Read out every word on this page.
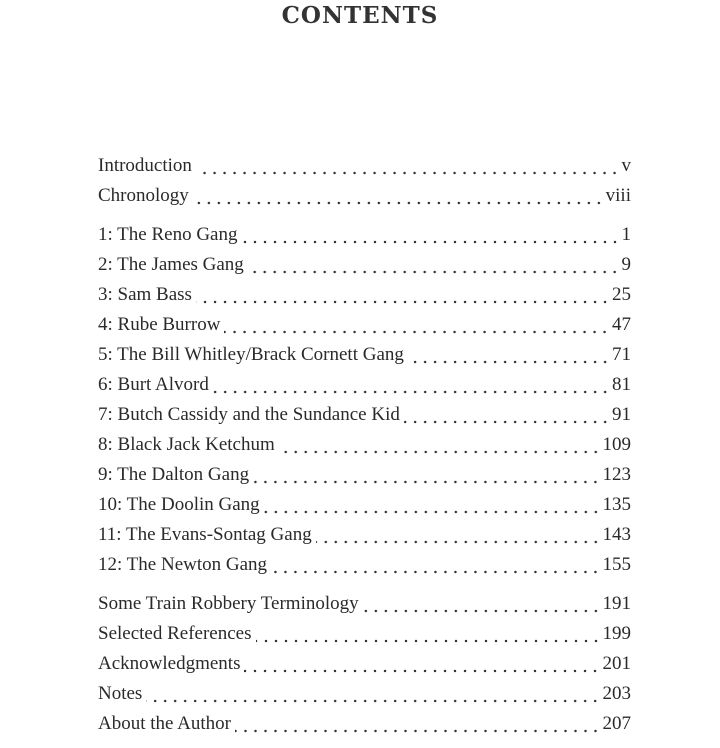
CONTENTS
Introduction	v
Chronology	viii
1: The Reno Gang	1
2: The James Gang	9
3: Sam Bass	25
4: Rube Burrow	47
5: The Bill Whitley/Brack Cornett Gang	71
6: Burt Alvord	81
7: Butch Cassidy and the Sundance Kid	91
8: Black Jack Ketchum	109
9: The Dalton Gang	123
10: The Doolin Gang	135
11: The Evans-Sontag Gang	143
12: The Newton Gang	155
Some Train Robbery Terminology	191
Selected References	199
Acknowledgments	201
Notes	203
About the Author	207
